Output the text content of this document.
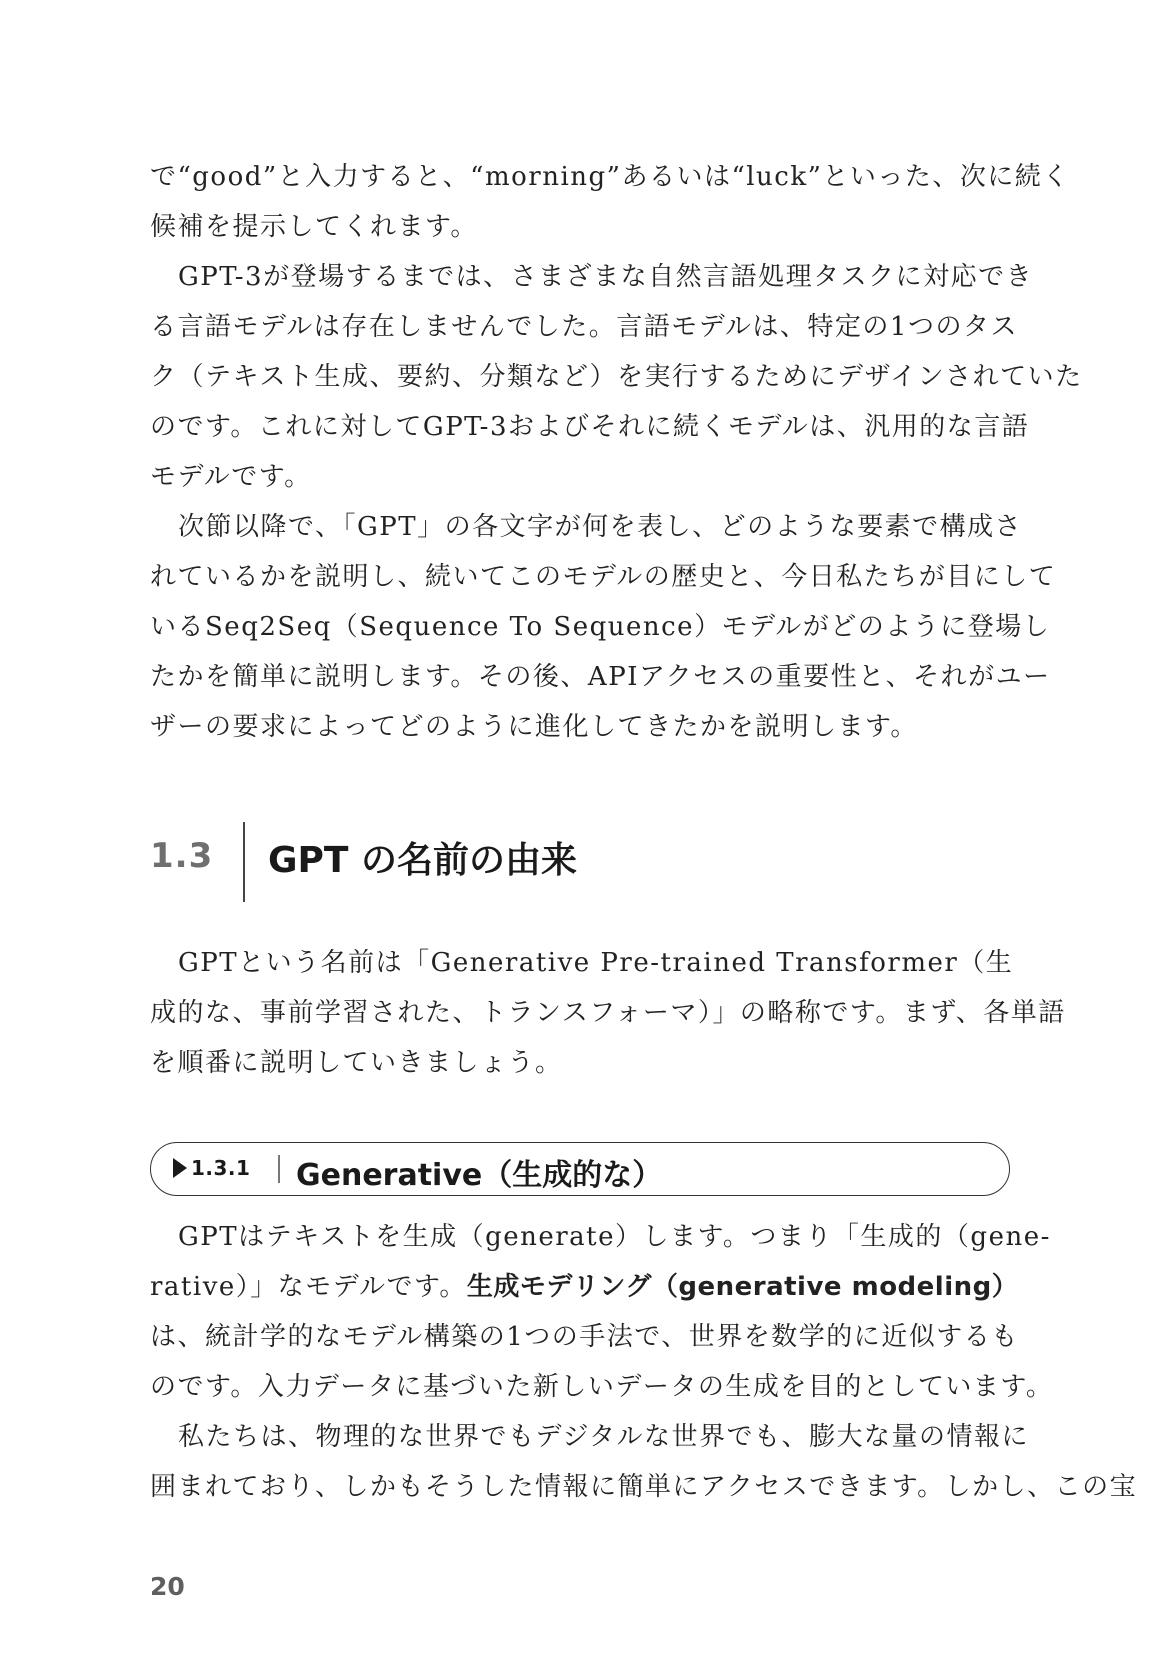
で“good”と入力すると、“morning”あるいは“luck”といった、次に続く
候補を提示してくれます。
GPT-3が登場するまでは、さまざまな自然言語処理タスクに対応でき
る言語モデルは存在しませんでした。言語モデルは、特定の1つのタス
ク（テキスト生成、要約、分類など）を実行するためにデザインされていた
のです。これに対してGPT-3およびそれに続くモデルは、汎用的な言語
モデルです。
次節以降で、「GPT」の各文字が何を表し、どのような要素で構成さ
れているかを説明し、続いてこのモデルの歴史と、今日私たちが目にして
いるSeq2Seq（Sequence To Sequence）モデルがどのように登場し
たかを簡単に説明します。その後、APIアクセスの重要性と、それがユー
ザーの要求によってどのように進化してきたかを説明します。
1.3 GPT の名前の由来
GPTという名前は「Generative Pre-trained Transformer（生
成的な、事前学習された、トランスフォーマ）」の略称です。まず、各単語
を順番に説明していきましょう。
1.3.1 Generative（生成的な）
GPTはテキストを生成（generate）します。つまり「生成的（gene-
rative）」なモデルです。生成モデリング（generative modeling）
は、統計学的なモデル構築の1つの手法で、世界を数学的に近似するも
のです。入力データに基づいた新しいデータの生成を目的としています。
私たちは、物理的な世界でもデジタルな世界でも、膨大な量の情報に
囲まれており、しかもそうした情報に簡単にアクセスできます。しかし、この宝
20
